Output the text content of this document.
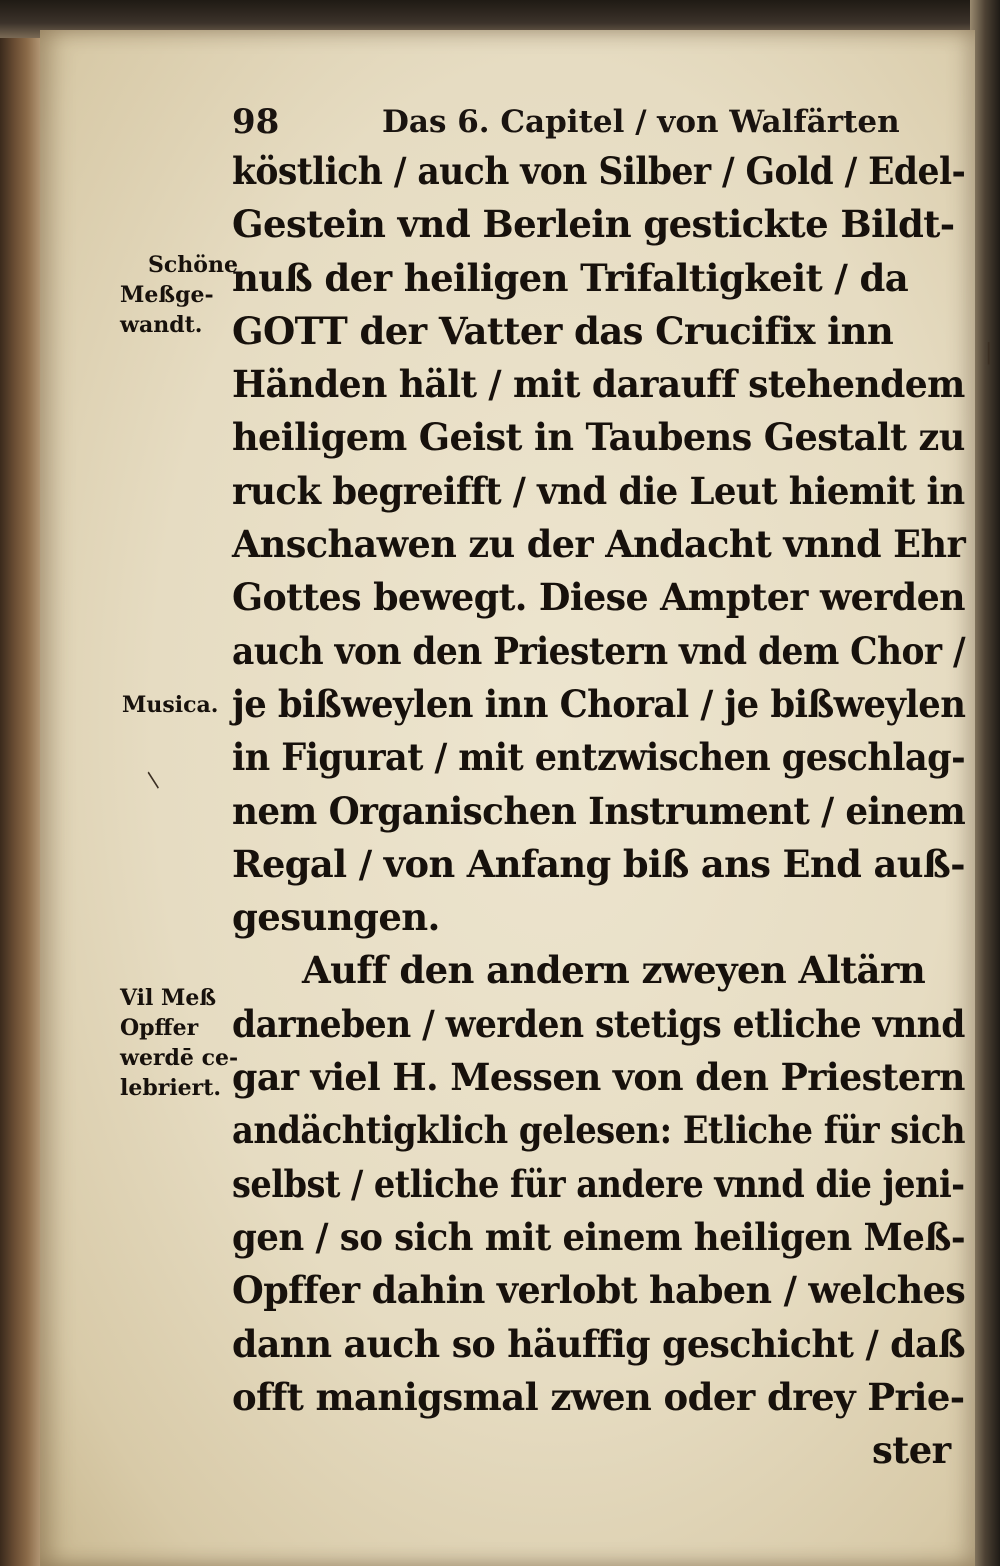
98	Das 6. Capitel / von Walfärten
köstlich / auch von Silber / Gold / Edel-
Gestein vnd Berlein gestickte Bildt-
nuß der heiligen Trifaltigkeit / da
GOTT der Vatter das Crucifix inn
Händen hält / mit darauff stehendem
heiligem Geist in Taubens Gestalt zu
ruck begreifft / vnd die Leut hiemit in
Anschawen zu der Andacht vnnd Ehr
Gottes bewegt. Diese Ampter werden
auch von den Priestern vnd dem Chor /
je bißweylen inn Choral / je bißweylen
in Figurat / mit entzwischen geschlag-
nem Organischen Instrument / einem
Regal / von Anfang biß ans End auß-
gesungen.
Auff den andern zweyen Altärn
darneben / werden stetigs etliche vnnd
gar viel H. Messen von den Priestern
andächtigklich gelesen: Etliche für sich
selbst / etliche für andere vnnd die jeni-
gen / so sich mit einem heiligen Meß-
Opffer dahin verlobt haben / welches
dann auch so häuffig geschicht / daß
offt manigsmal zwen oder drey Prie-
ster
Schöne
Meßge-
wandt.
Musica.
Vil Meß
Opffer
werdē ce-
lebriert.
/
|
